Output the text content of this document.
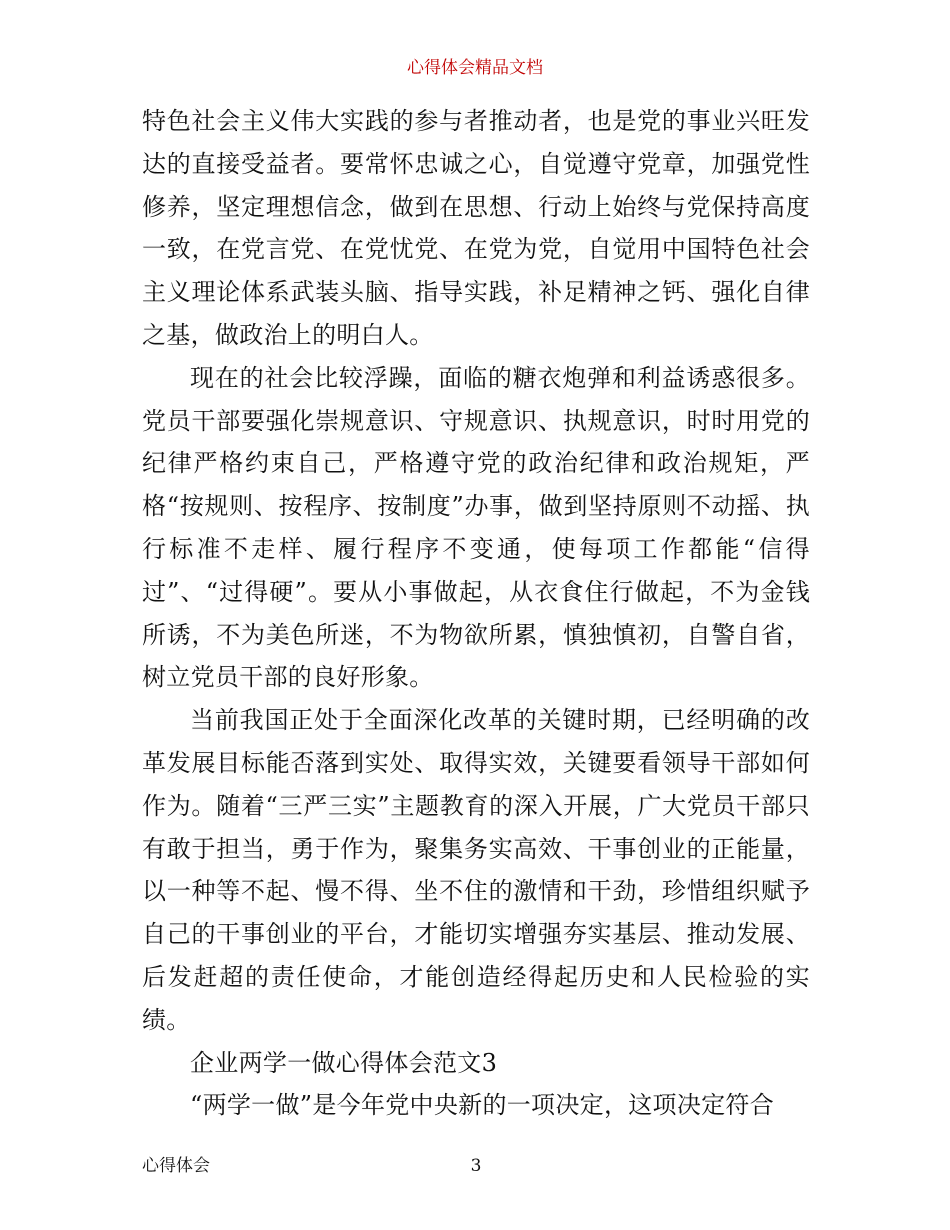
心得体会精品文档

特色社会主义伟大实践的参与者推动者，也是党的事业兴旺发达的直接受益者。要常怀忠诚之心，自觉遵守党章，加强党性修养，坚定理想信念，做到在思想、行动上始终与党保持高度一致，在党言党、在党忧党、在党为党，自觉用中国特色社会主义理论体系武装头脑、指导实践，补足精神之钙、强化自律之基，做政治上的明白人。

现在的社会比较浮躁，面临的糖衣炮弹和利益诱惑很多。党员干部要强化崇规意识、守规意识、执规意识，时时用党的纪律严格约束自己，严格遵守党的政治纪律和政治规矩，严格“按规则、按程序、按制度”办事，做到坚持原则不动摇、执行标准不走样、履行程序不变通，使每项工作都能“信得过”、“过得硬”。要从小事做起，从衣食住行做起，不为金钱所诱，不为美色所迷，不为物欲所累，慎独慎初，自警自省，树立党员干部的良好形象。

当前我国正处于全面深化改革的关键时期，已经明确的改革发展目标能否落到实处、取得实效，关键要看领导干部如何作为。随着“三严三实”主题教育的深入开展，广大党员干部只有敢于担当，勇于作为，聚集务实高效、干事创业的正能量，以一种等不起、慢不得、坐不住的激情和干劲，珍惜组织赋予自己的干事创业的平台，才能切实增强夯实基层、推动发展、后发赶超的责任使命，才能创造经得起历史和人民检验的实绩。

企业两学一做心得体会范文3

“两学一做”是今年党中央新的一项决定，这项决定符合

心得体会	3
